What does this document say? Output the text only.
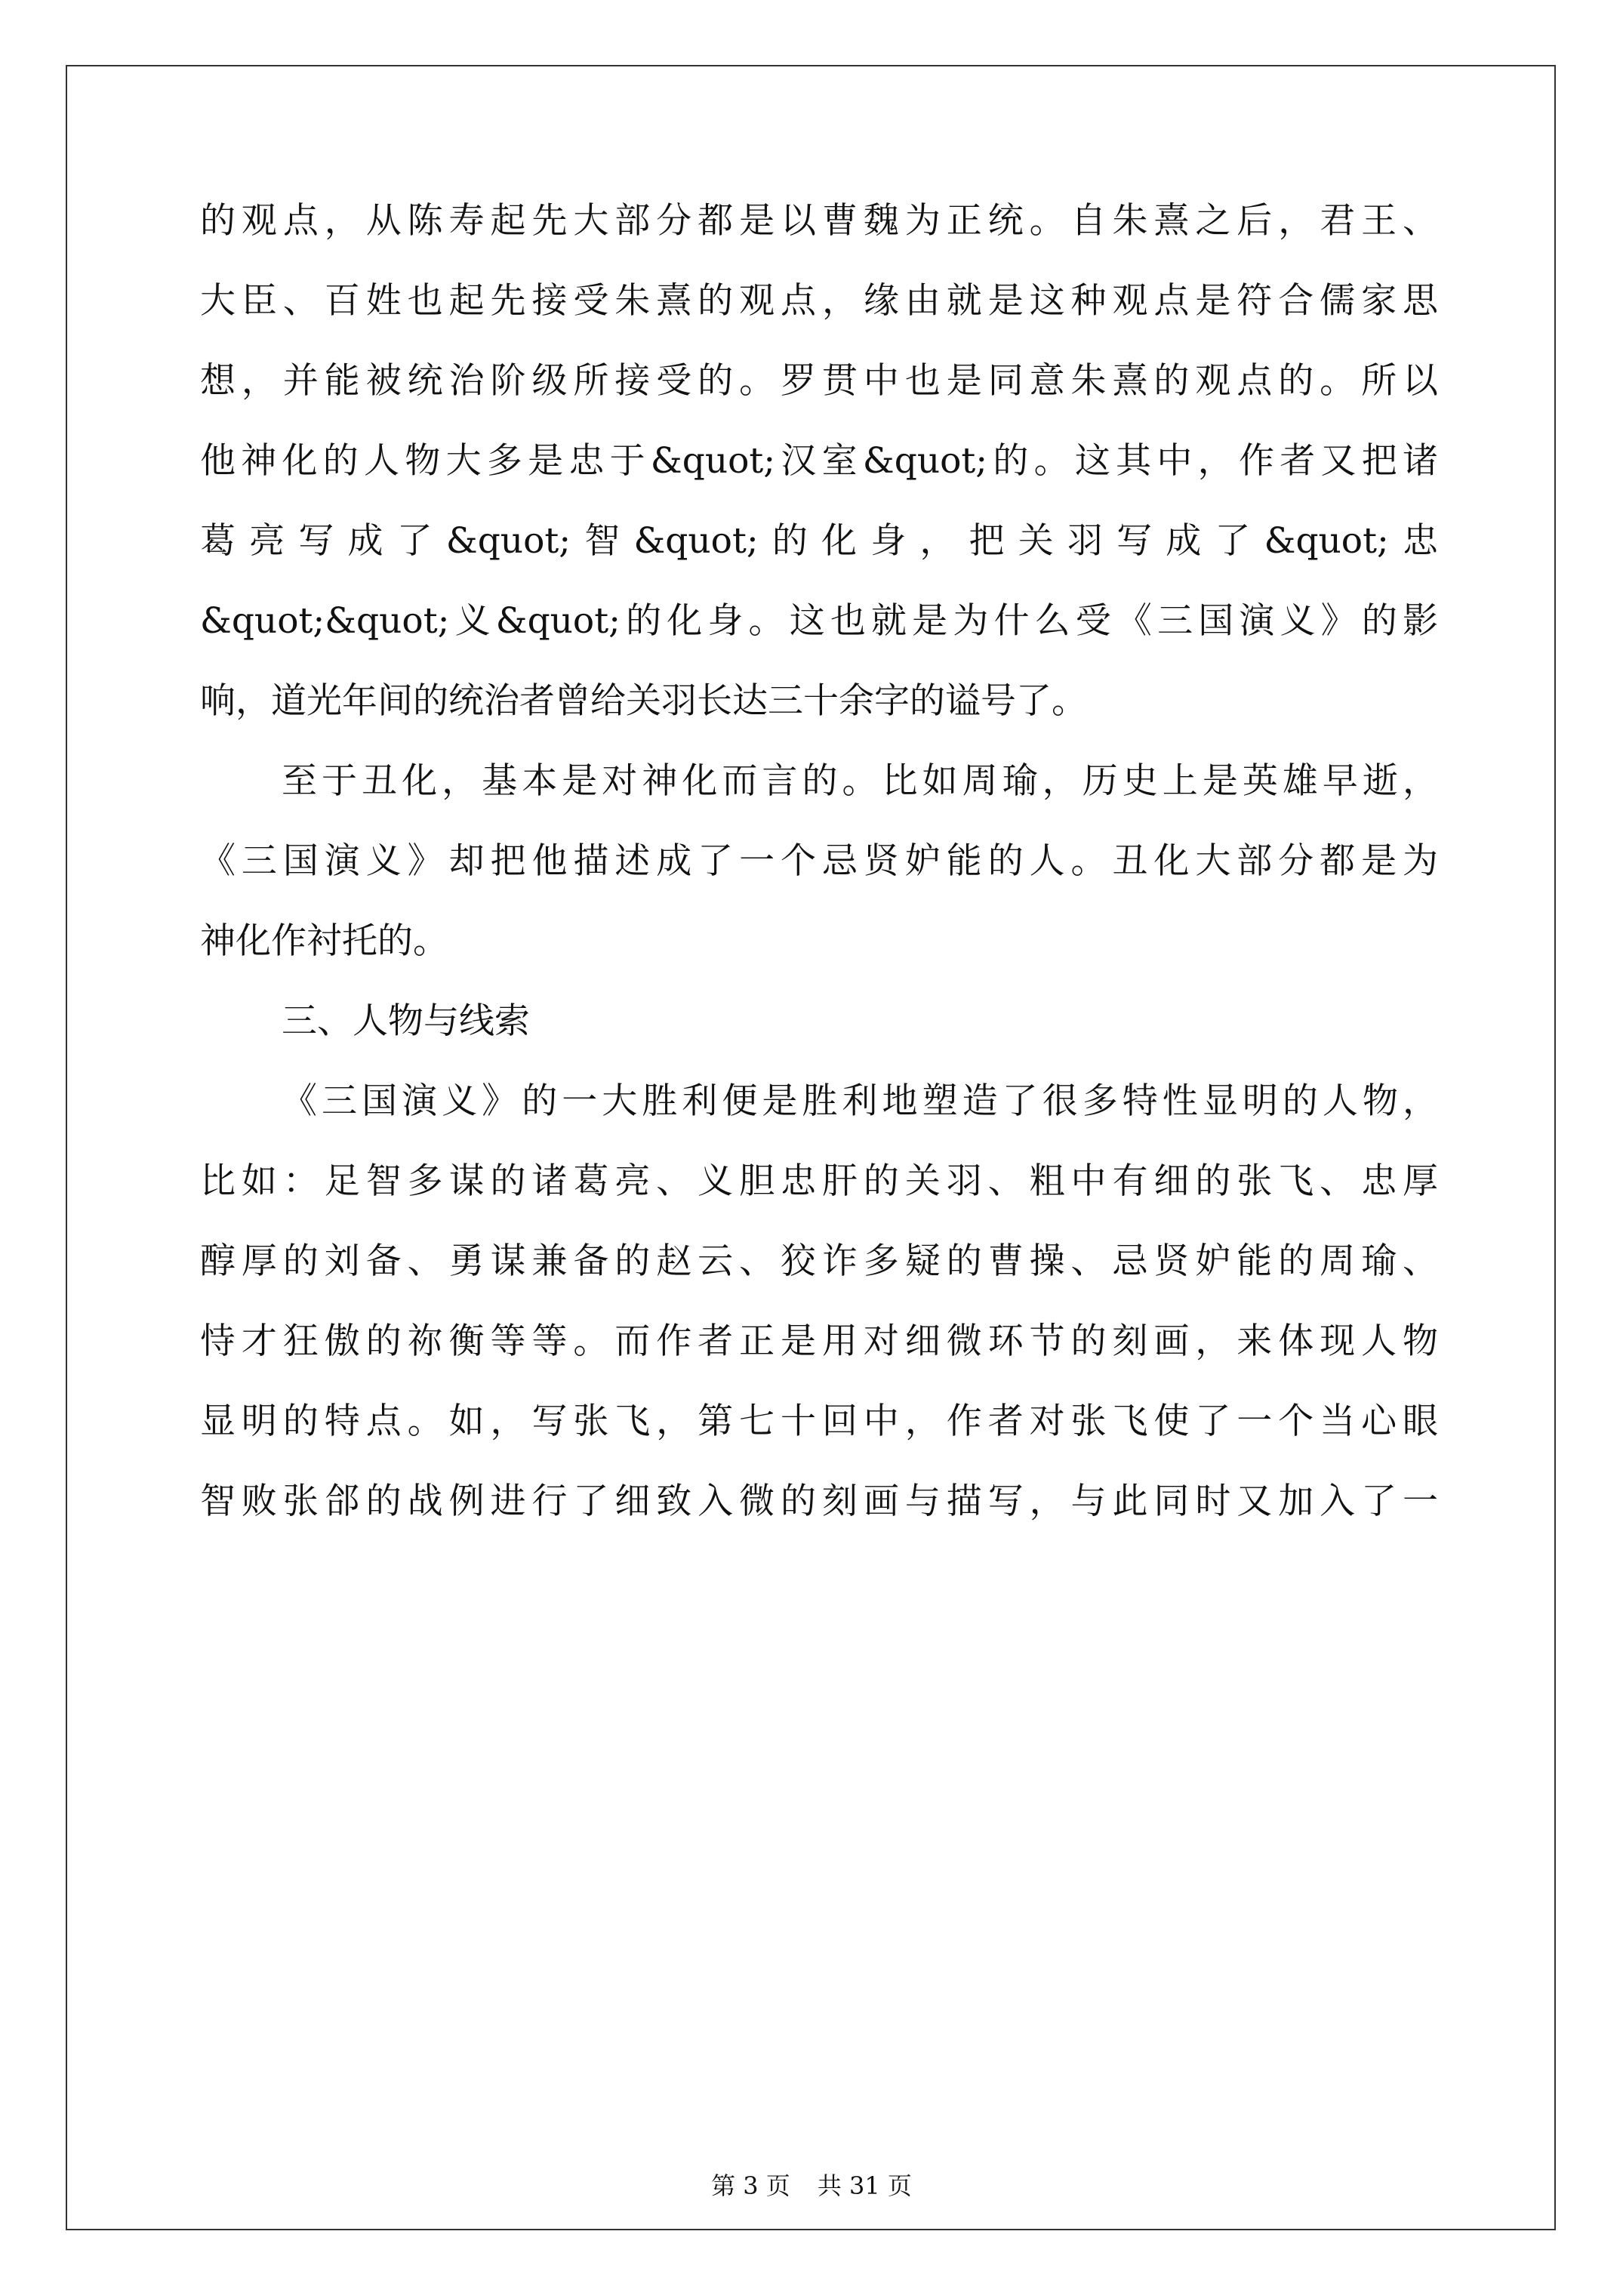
的观点，从陈寿起先大部分都是以曹魏为正统。自朱熹之后，君王、
大臣、百姓也起先接受朱熹的观点，缘由就是这种观点是符合儒家思
想，并能被统治阶级所接受的。罗贯中也是同意朱熹的观点的。所以
他神化的人物大多是忠于&quot;汉室&quot;的。这其中，作者又把诸
葛亮写成了&quot;智&quot;的化身，把关羽写成了&quot;忠
&quot;&quot;义&quot;的化身。这也就是为什么受《三国演义》的影
响，道光年间的统治者曾给关羽长达三十余字的谥号了。
至于丑化，基本是对神化而言的。比如周瑜，历史上是英雄早逝，
《三国演义》却把他描述成了一个忌贤妒能的人。丑化大部分都是为
神化作衬托的。
三、人物与线索
《三国演义》的一大胜利便是胜利地塑造了很多特性显明的人物，
比如：足智多谋的诸葛亮、义胆忠肝的关羽、粗中有细的张飞、忠厚
醇厚的刘备、勇谋兼备的赵云、狡诈多疑的曹操、忌贤妒能的周瑜、
恃才狂傲的祢衡等等。而作者正是用对细微环节的刻画，来体现人物
显明的特点。如，写张飞，第七十回中，作者对张飞使了一个当心眼
智败张郃的战例进行了细致入微的刻画与描写，与此同时又加入了一
第 3 页 共 31 页
